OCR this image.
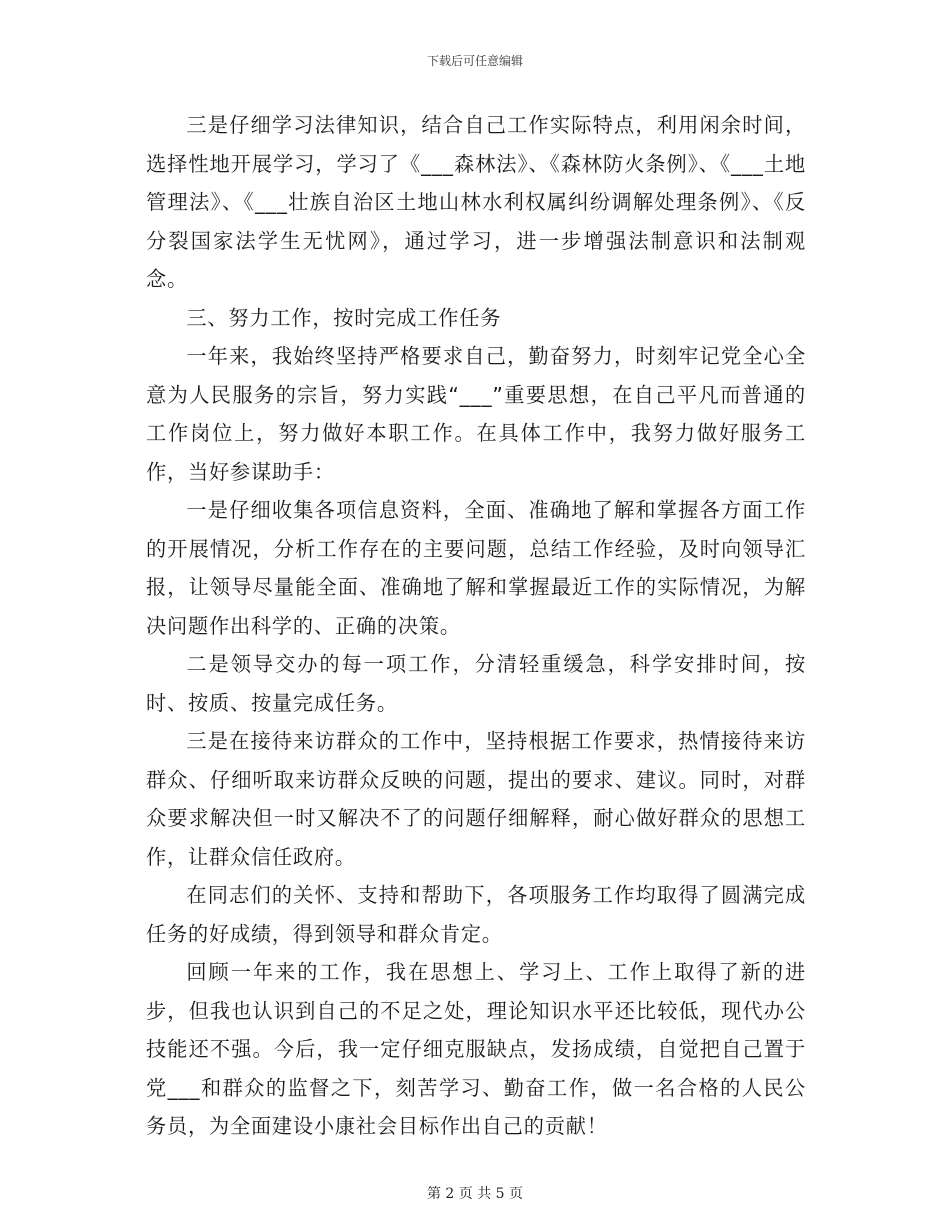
下载后可任意编辑

三是仔细学习法律知识，结合自己工作实际特点，利用闲余时间，选择性地开展学习，学习了《___森林法》、《森林防火条例》、《___土地管理法》、《___壮族自治区土地山林水利权属纠纷调解处理条例》、《反分裂国家法学生无忧网》，通过学习，进一步增强法制意识和法制观念。

三、努力工作，按时完成工作任务

一年来，我始终坚持严格要求自己，勤奋努力，时刻牢记党全心全意为人民服务的宗旨，努力实践“___”重要思想，在自己平凡而普通的工作岗位上，努力做好本职工作。在具体工作中，我努力做好服务工作，当好参谋助手：

一是仔细收集各项信息资料，全面、准确地了解和掌握各方面工作的开展情况，分析工作存在的主要问题，总结工作经验，及时向领导汇报，让领导尽量能全面、准确地了解和掌握最近工作的实际情况，为解决问题作出科学的、正确的决策。

二是领导交办的每一项工作，分清轻重缓急，科学安排时间，按时、按质、按量完成任务。

三是在接待来访群众的工作中，坚持根据工作要求，热情接待来访群众、仔细听取来访群众反映的问题，提出的要求、建议。同时，对群众要求解决但一时又解决不了的问题仔细解释，耐心做好群众的思想工作，让群众信任政府。

在同志们的关怀、支持和帮助下，各项服务工作均取得了圆满完成任务的好成绩，得到领导和群众肯定。

回顾一年来的工作，我在思想上、学习上、工作上取得了新的进步，但我也认识到自己的不足之处，理论知识水平还比较低，现代办公技能还不强。今后，我一定仔细克服缺点，发扬成绩，自觉把自己置于党___和群众的监督之下，刻苦学习、勤奋工作，做一名合格的人民公务员，为全面建设小康社会目标作出自己的贡献！

第 2 页 共 5 页
